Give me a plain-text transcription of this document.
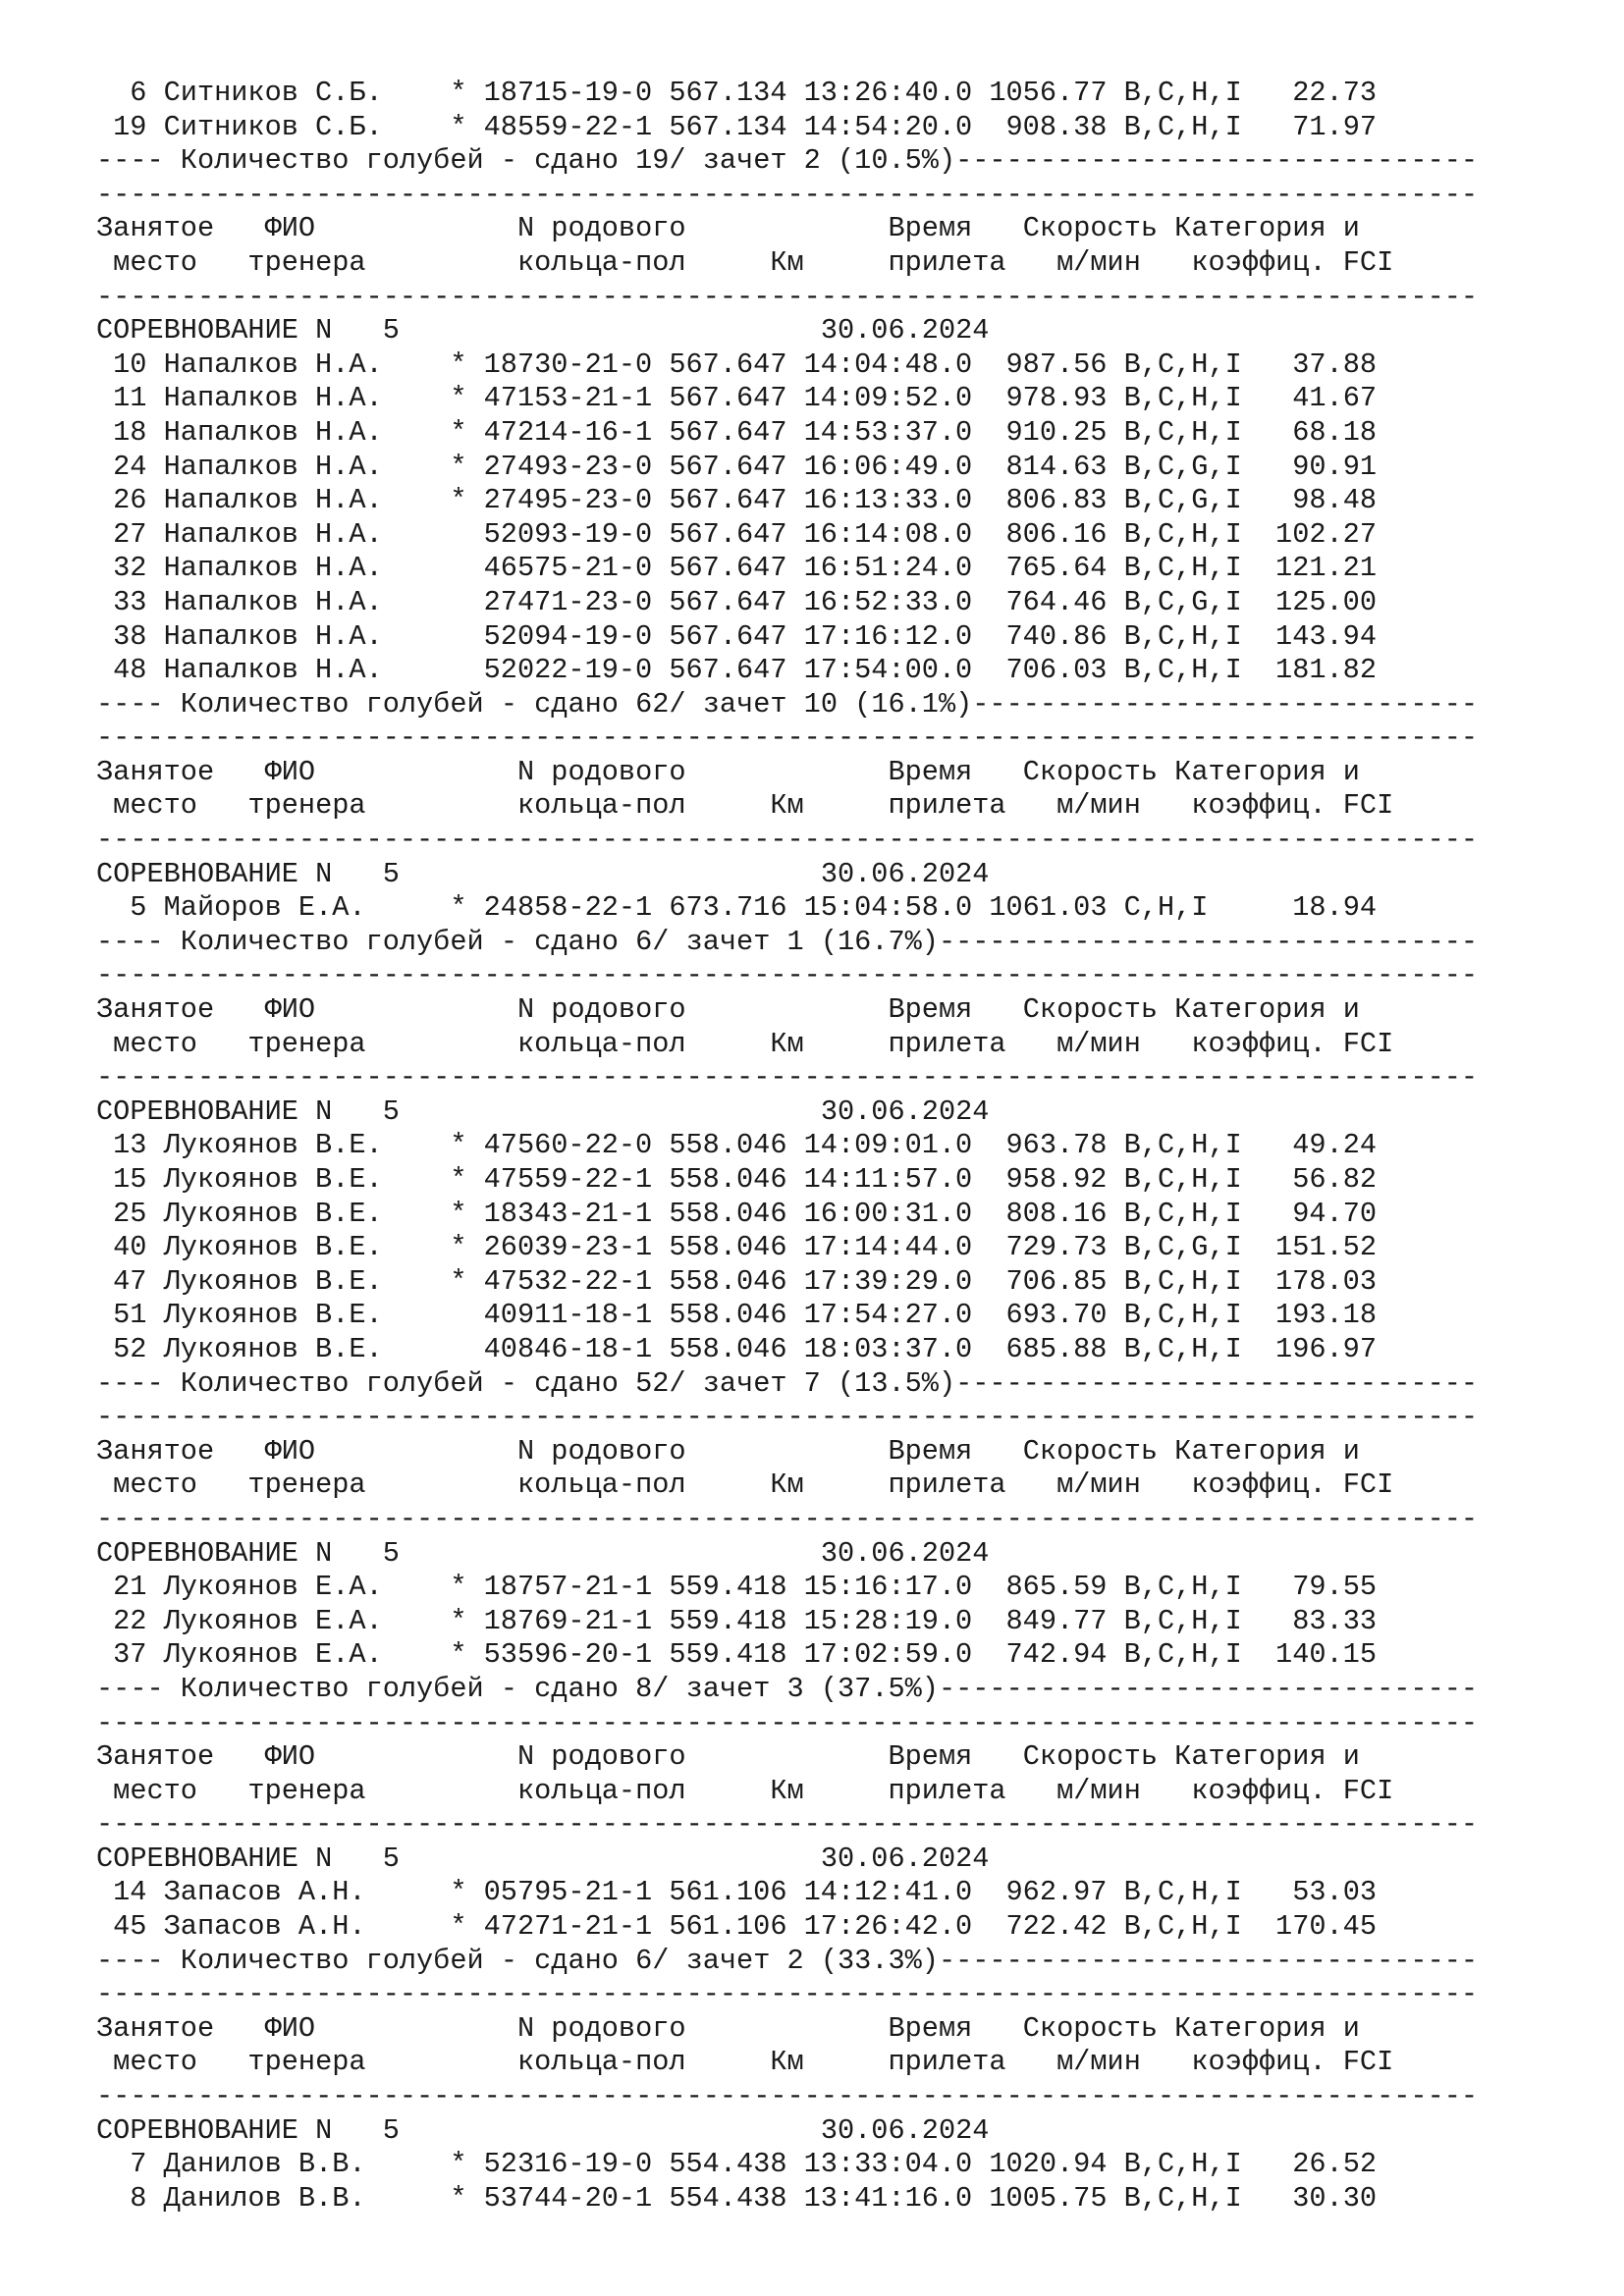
6 Ситников С.Б. * 18715-19-0 567.134 13:26:40.0 1056.77 B,C,H,I 22.73
19 Ситников С.Б. * 48559-22-1 567.134 14:54:20.0 908.38 B,C,H,I 71.97
---- Количество голубей - сдано 19/ зачет 2 (10.5%)-------------------------------
----------------------------------------------------------------------------------
Занятое   ФИО            N родового            Время   Скорость Категория и
место   тренера         кольца-пол     Км     прилета   м/мин   коэффиц. FCI
----------------------------------------------------------------------------------
СОРЕВНОВАНИЕ N   5	30.06.2024
10 Напалков Н.А. * 18730-21-0 567.647 14:04:48.0 987.56 B,C,H,I 37.88
11 Напалков Н.А. * 47153-21-1 567.647 14:09:52.0 978.93 B,C,H,I 41.67
18 Напалков Н.А. * 47214-16-1 567.647 14:53:37.0 910.25 B,C,H,I 68.18
24 Напалков Н.А. * 27493-23-0 567.647 16:06:49.0 814.63 B,C,G,I 90.91
26 Напалков Н.А. * 27495-23-0 567.647 16:13:33.0 806.83 B,C,G,I 98.48
27 Напалков Н.А.	52093-19-0 567.647 16:14:08.0 806.16 B,C,H,I 102.27
32 Напалков Н.А.	46575-21-0 567.647 16:51:24.0 765.64 B,C,H,I 121.21
33 Напалков Н.А.	27471-23-0 567.647 16:52:33.0 764.46 B,C,G,I 125.00
38 Напалков Н.А.	52094-19-0 567.647 17:16:12.0 740.86 B,C,H,I 143.94
48 Напалков Н.А.	52022-19-0 567.647 17:54:00.0 706.03 B,C,H,I 181.82
---- Количество голубей - сдано 62/ зачет 10 (16.1%)------------------------------
----------------------------------------------------------------------------------
Занятое   ФИО            N родового            Время   Скорость Категория и
место   тренера         кольца-пол     Км     прилета   м/мин   коэффиц. FCI
----------------------------------------------------------------------------------
СОРЕВНОВАНИЕ N   5	30.06.2024
5 Майоров Е.А.	* 24858-22-1 673.716 15:04:58.0 1061.03 C,H,I	18.94
---- Количество голубей - сдано 6/ зачет 1 (16.7%)--------------------------------
----------------------------------------------------------------------------------
Занятое   ФИО            N родового            Время   Скорость Категория и
место   тренера         кольца-пол     Км     прилета   м/мин   коэффиц. FCI
----------------------------------------------------------------------------------
СОРЕВНОВАНИЕ N   5	30.06.2024
13 Лукоянов В.Е. * 47560-22-0 558.046 14:09:01.0 963.78 B,C,H,I 49.24
15 Лукоянов В.Е. * 47559-22-1 558.046 14:11:57.0 958.92 B,C,H,I 56.82
25 Лукоянов В.Е. * 18343-21-1 558.046 16:00:31.0 808.16 B,C,H,I 94.70
40 Лукоянов В.Е. * 26039-23-1 558.046 17:14:44.0 729.73 B,C,G,I 151.52
47 Лукоянов В.Е. * 47532-22-1 558.046 17:39:29.0 706.85 B,C,H,I 178.03
51 Лукоянов В.Е.	40911-18-1 558.046 17:54:27.0 693.70 B,C,H,I 193.18
52 Лукоянов В.Е.	40846-18-1 558.046 18:03:37.0 685.88 B,C,H,I 196.97
---- Количество голубей - сдано 52/ зачет 7 (13.5%)-------------------------------
----------------------------------------------------------------------------------
Занятое   ФИО            N родового            Время   Скорость Категория и
место   тренера         кольца-пол     Км     прилета   м/мин   коэффиц. FCI
----------------------------------------------------------------------------------
СОРЕВНОВАНИЕ N   5	30.06.2024
21 Лукоянов Е.А. * 18757-21-1 559.418 15:16:17.0 865.59 B,C,H,I 79.55
22 Лукоянов Е.А. * 18769-21-1 559.418 15:28:19.0 849.77 B,C,H,I 83.33
37 Лукоянов Е.А. * 53596-20-1 559.418 17:02:59.0 742.94 B,C,H,I 140.15
---- Количество голубей - сдано 8/ зачет 3 (37.5%)--------------------------------
----------------------------------------------------------------------------------
Занятое   ФИО            N родового            Время   Скорость Категория и
место   тренера         кольца-пол     Км     прилета   м/мин   коэффиц. FCI
----------------------------------------------------------------------------------
СОРЕВНОВАНИЕ N   5	30.06.2024
14 Запасов А.Н.	* 05795-21-1 561.106 14:12:41.0 962.97 B,C,H,I 53.03
45 Запасов А.Н.	* 47271-21-1 561.106 17:26:42.0 722.42 B,C,H,I 170.45
---- Количество голубей - сдано 6/ зачет 2 (33.3%)--------------------------------
----------------------------------------------------------------------------------
Занятое   ФИО            N родового            Время   Скорость Категория и
место   тренера         кольца-пол     Км     прилета   м/мин   коэффиц. FCI
----------------------------------------------------------------------------------
СОРЕВНОВАНИЕ N   5	30.06.2024
7 Данилов В.В.	* 52316-19-0 554.438 13:33:04.0 1020.94 B,C,H,I 26.52
8 Данилов В.В.	* 53744-20-1 554.438 13:41:16.0 1005.75 B,C,H,I 30.30
